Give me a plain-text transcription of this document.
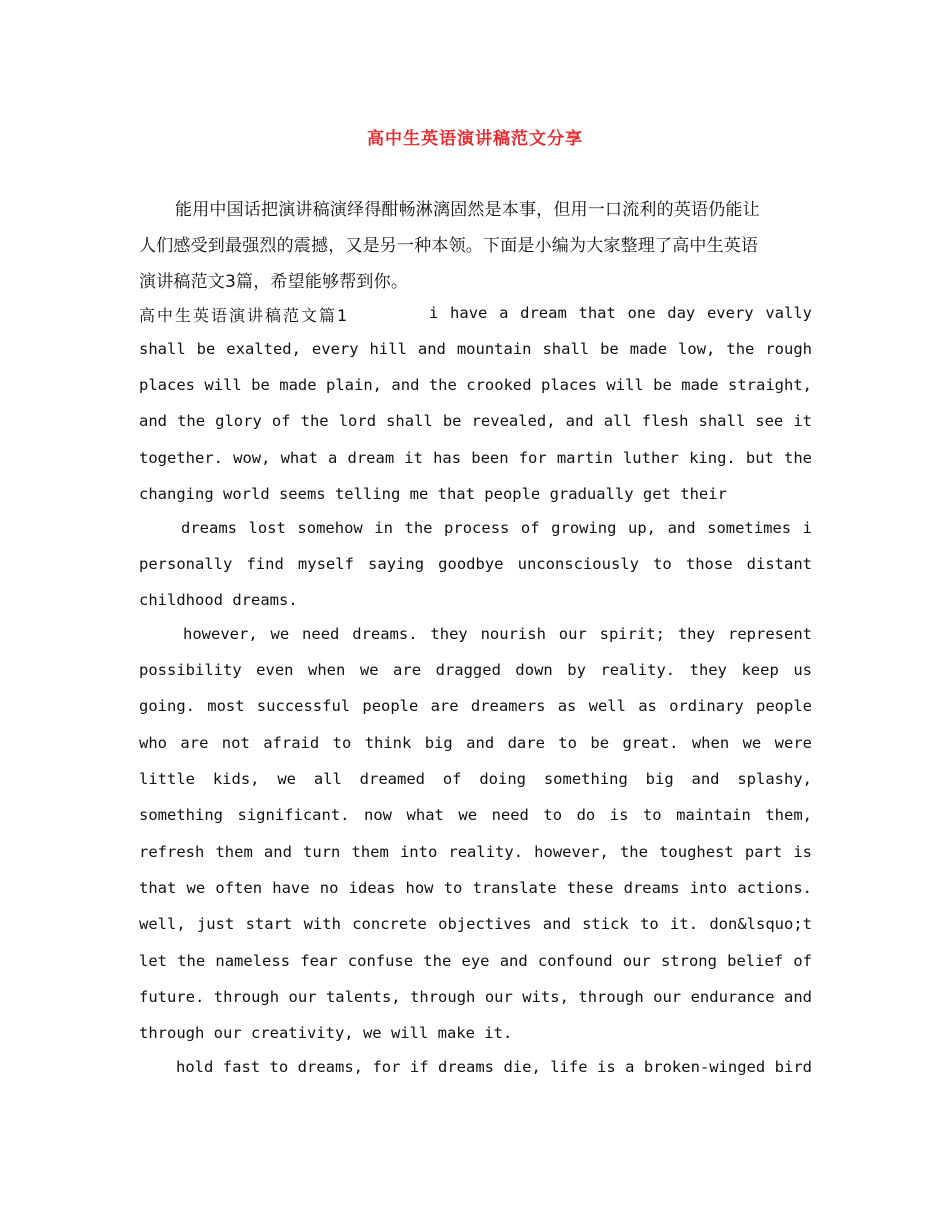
高中生英语演讲稿范文分享
能用中国话把演讲稿演绎得酣畅淋漓固然是本事，但用一口流利的英语仍能让
人们感受到最强烈的震撼，又是另一种本领。下面是小编为大家整理了高中生英语
演讲稿范文3篇，希望能够帮到你。
高中生英语演讲稿范文篇1	i have a dream that one day every vally
shall be exalted, every hill and mountain shall be made low, the rough
places will be made plain, and the crooked places will be made straight,
and the glory of the lord shall be revealed, and all flesh shall see it
together. wow, what a dream it has been for martin luther king. but the
changing world seems telling me that people gradually get their
dreams lost somehow in the process of growing up, and sometimes i
personally find myself saying goodbye unconsciously to those distant
childhood dreams.
however, we need dreams. they nourish our spirit; they represent
possibility even when we are dragged down by reality. they keep us
going. most successful people are dreamers as well as ordinary people
who are not afraid to think big and dare to be great. when we were
little kids, we all dreamed of doing something big and splashy,
something significant. now what we need to do is to maintain them,
refresh them and turn them into reality. however, the toughest part is
that we often have no ideas how to translate these dreams into actions.
well, just start with concrete objectives and stick to it. don&lsquo;t
let the nameless fear confuse the eye and confound our strong belief of
future. through our talents, through our wits, through our endurance and
through our creativity, we will make it.
hold fast to dreams, for if dreams die, life is a broken-winged bird
